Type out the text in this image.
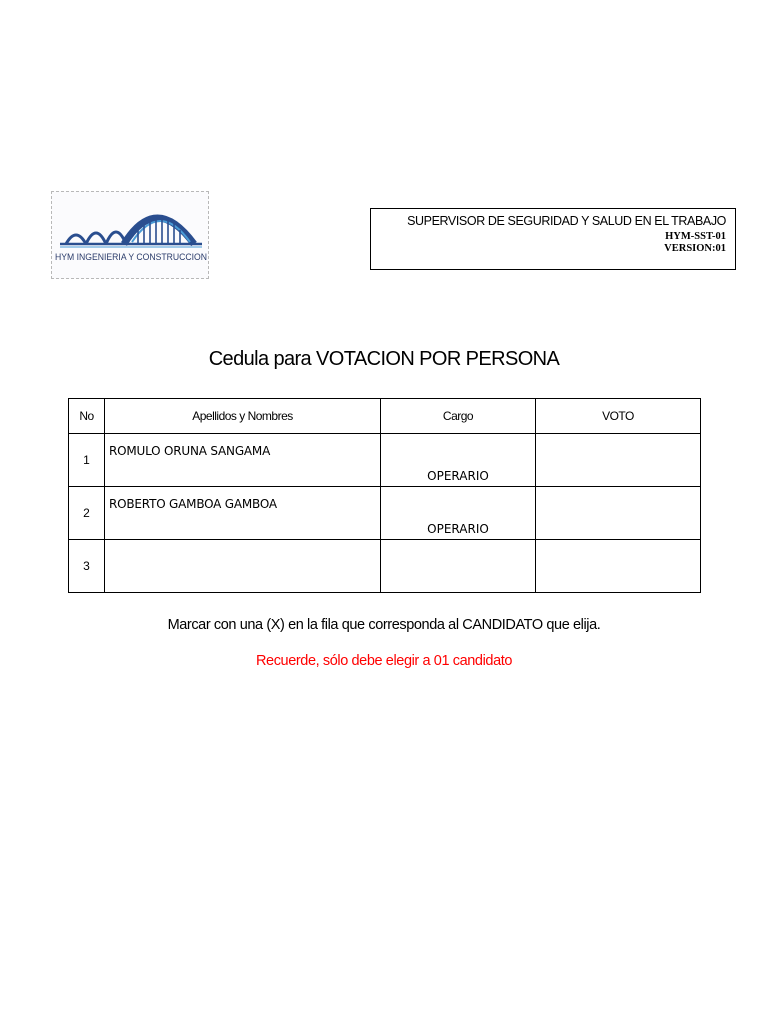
HYM INGENIERIA Y CONSTRUCCION
SUPERVISOR DE SEGURIDAD Y SALUD EN EL TRABAJO
HYM-SST-01
VERSION:01
Cedula para VOTACION POR PERSONA
No	Apellidos y Nombres	Cargo	VOTO
1	ROMULO ORUNA SANGAMA	OPERARIO	
2	ROBERTO GAMBOA GAMBOA	OPERARIO	
3			
Marcar con una (X) en la fila que corresponda al CANDIDATO que elija.
Recuerde, sólo debe elegir a 01 candidato
